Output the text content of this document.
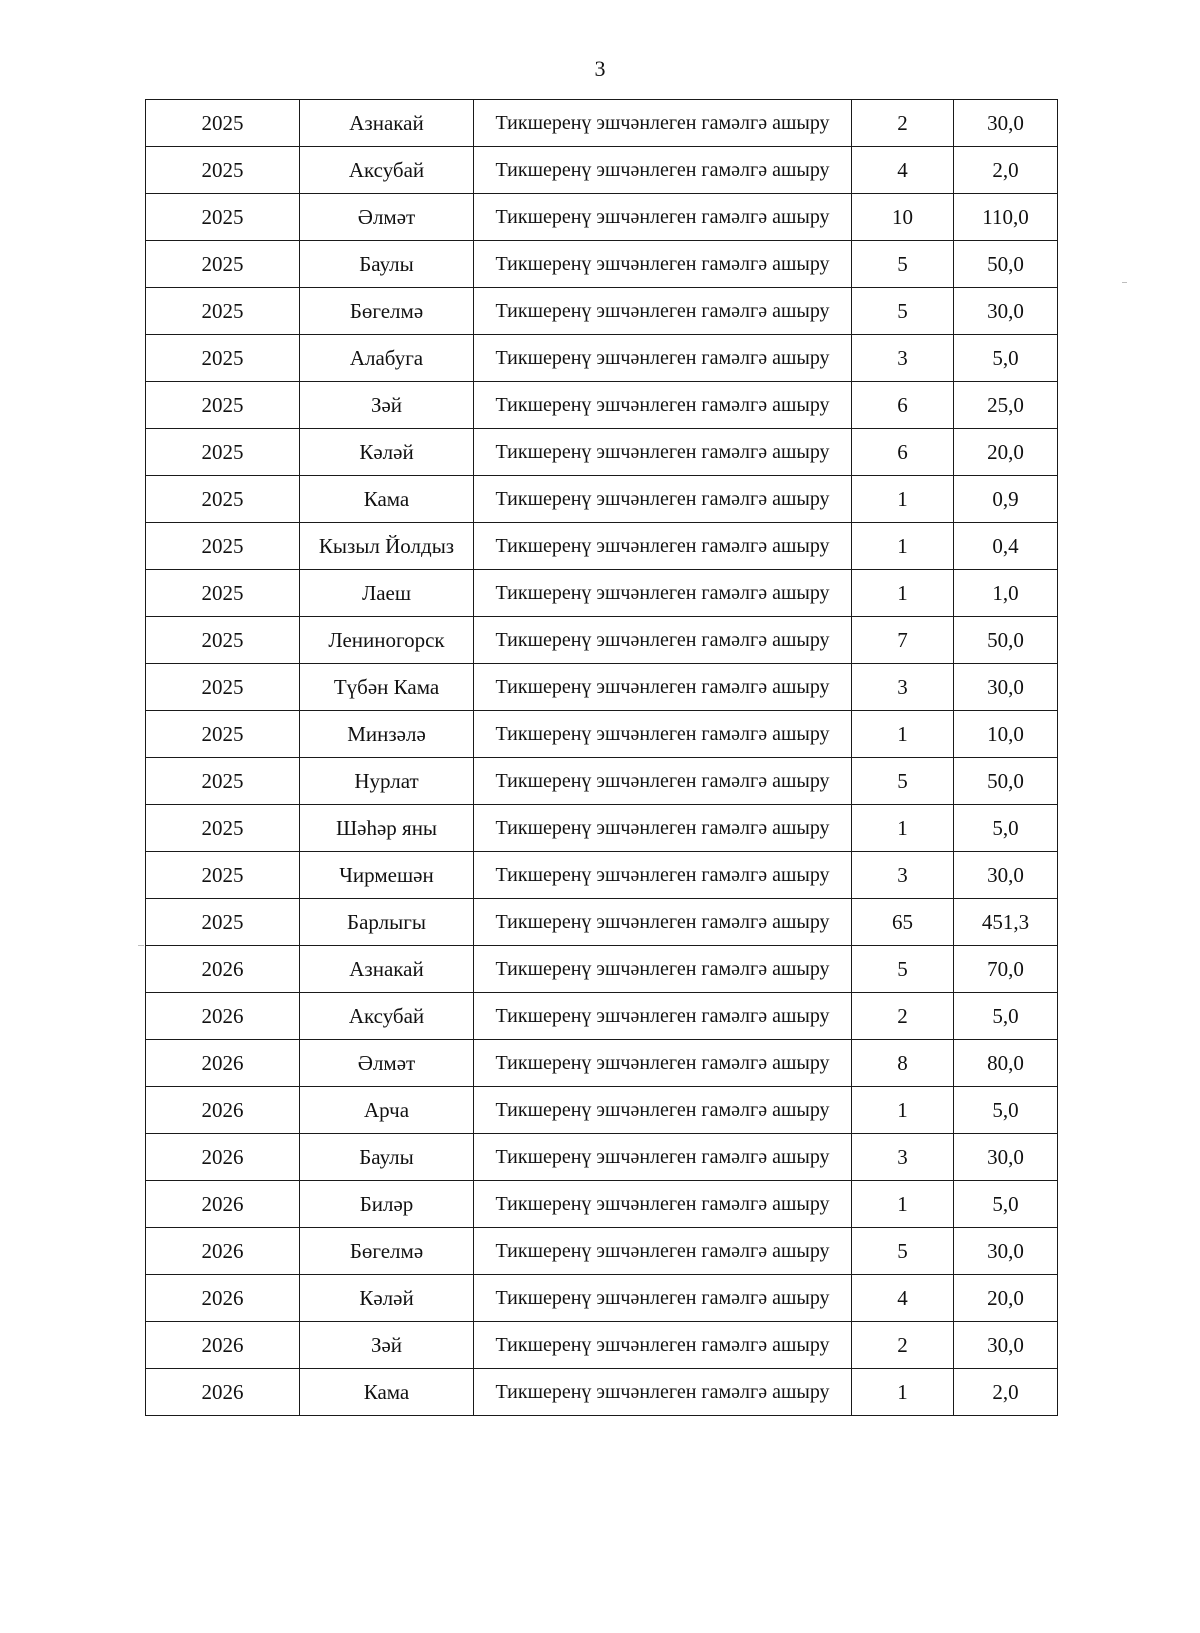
3
2025	Азнакай	Тикшеренү эшчәнлеген гамәлгә ашыру	2	30,0
2025	Аксубай	Тикшеренү эшчәнлеген гамәлгә ашыру	4	2,0
2025	Әлмәт	Тикшеренү эшчәнлеген гамәлгә ашыру	10	110,0
2025	Баулы	Тикшеренү эшчәнлеген гамәлгә ашыру	5	50,0
2025	Бөгелмә	Тикшеренү эшчәнлеген гамәлгә ашыру	5	30,0
2025	Алабуга	Тикшеренү эшчәнлеген гамәлгә ашыру	3	5,0
2025	Зәй	Тикшеренү эшчәнлеген гамәлгә ашыру	6	25,0
2025	Кәләй	Тикшеренү эшчәнлеген гамәлгә ашыру	6	20,0
2025	Кама	Тикшеренү эшчәнлеген гамәлгә ашыру	1	0,9
2025	Кызыл Йолдыз	Тикшеренү эшчәнлеген гамәлгә ашыру	1	0,4
2025	Лаеш	Тикшеренү эшчәнлеген гамәлгә ашыру	1	1,0
2025	Лениногорск	Тикшеренү эшчәнлеген гамәлгә ашыру	7	50,0
2025	Түбән Кама	Тикшеренү эшчәнлеген гамәлгә ашыру	3	30,0
2025	Минзәлә	Тикшеренү эшчәнлеген гамәлгә ашыру	1	10,0
2025	Нурлат	Тикшеренү эшчәнлеген гамәлгә ашыру	5	50,0
2025	Шәһәр яны	Тикшеренү эшчәнлеген гамәлгә ашыру	1	5,0
2025	Чирмешән	Тикшеренү эшчәнлеген гамәлгә ашыру	3	30,0
2025	Барлыгы	Тикшеренү эшчәнлеген гамәлгә ашыру	65	451,3
2026	Азнакай	Тикшеренү эшчәнлеген гамәлгә ашыру	5	70,0
2026	Аксубай	Тикшеренү эшчәнлеген гамәлгә ашыру	2	5,0
2026	Әлмәт	Тикшеренү эшчәнлеген гамәлгә ашыру	8	80,0
2026	Арча	Тикшеренү эшчәнлеген гамәлгә ашыру	1	5,0
2026	Баулы	Тикшеренү эшчәнлеген гамәлгә ашыру	3	30,0
2026	Биләр	Тикшеренү эшчәнлеген гамәлгә ашыру	1	5,0
2026	Бөгелмә	Тикшеренү эшчәнлеген гамәлгә ашыру	5	30,0
2026	Кәләй	Тикшеренү эшчәнлеген гамәлгә ашыру	4	20,0
2026	Зәй	Тикшеренү эшчәнлеген гамәлгә ашыру	2	30,0
2026	Кама	Тикшеренү эшчәнлеген гамәлгә ашыру	1	2,0
